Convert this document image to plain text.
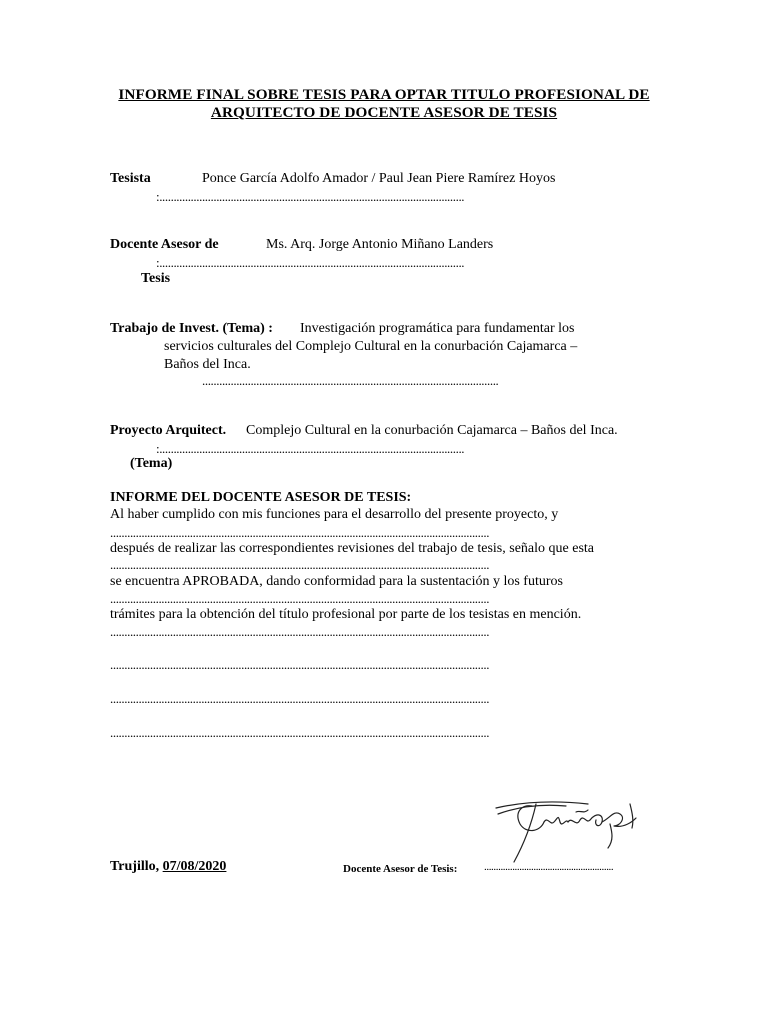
INFORME FINAL SOBRE TESIS PARA OPTAR TITULO PROFESIONAL DE
ARQUITECTO DE DOCENTE ASESOR DE TESIS
Tesista	Ponce García Adolfo Amador / Paul Jean Piere Ramírez Hoyos
:...........................................................................................................
Docente Asesor de	Ms. Arq. Jorge Antonio Miñano Landers
:...........................................................................................................
Tesis
Trabajo de Invest. (Tema) : Investigación programática para fundamentar los
servicios culturales del Complejo Cultural en la conurbación Cajamarca –
Baños del Inca.
........................................................................................................
Proyecto Arquitect. Complejo Cultural en la conurbación Cajamarca – Baños del Inca.
:...........................................................................................................
(Tema)
INFORME DEL DOCENTE ASESOR DE TESIS:
Al haber cumplido con mis funciones para el desarrollo del presente proyecto, y
.....................................................................................................................................
después de realizar las correspondientes revisiones del trabajo de tesis, señalo que esta
.....................................................................................................................................
se encuentra APROBADA, dando conformidad para la sustentación y los futuros
.....................................................................................................................................
trámites para la obtención del título profesional por parte de los tesistas en mención.
.....................................................................................................................................
.....................................................................................................................................
.....................................................................................................................................
.....................................................................................................................................
Trujillo, 07/08/2020	Docente Asesor de Tesis: .......................................................
